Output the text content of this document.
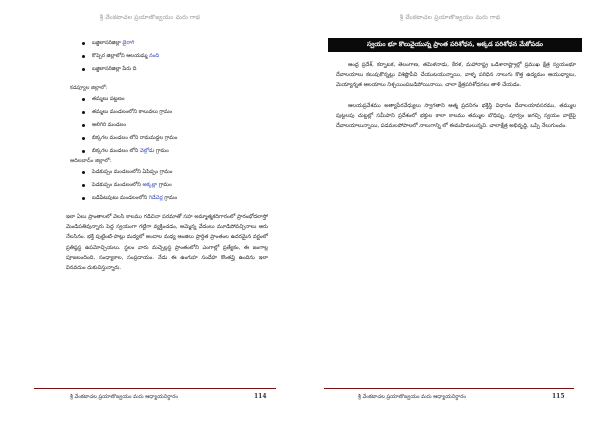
శ్రీ వేంకటాచల ప్రయాణొజ్వయం మరు గాథ
బజ్జిలాసరిజిల్లా బైరాగి
కొప్పెర జిల్లాలోని ఆలయమ్మ నంది
బజ్జిలాసరిజిల్లా పేరు ది
కడప్యూల జిల్లాలో:
తమ్మలు పట్టణం
తమ్మలు మండలంలోని కాలువలు గ్రామం
అలిగిరి మండలం
బిక్కగల మండలం లోని రామమద్దల గ్రామం
బిక్కగల మండలం లోని వెల్గోడు గ్రామం
ఆదిలబాద్ం జిల్లాలో:
పెడకుప్పం మండలంలోని ఏపిప్పం గ్రామం
పెడకుప్పం మండలంలోని అక్కల్లా గ్రామం
బడిపేటపుటు మండలంలోని గిడేచెర్ల గ్రామం

ఇలా ఏలు ప్రాంతాలలో వెలసి కాలము గడిచినా పరమాతో సహ అమ్మాత్మకదిగారంలో ప్రారంభోదలాస్తో మెండిపతివున్నారు పెద్ద స్వయంగా గట్టిగా వ్యక్తించడం, అమ్మెన్న వేదంలు మూడిపోవచ్చినాలు ఆరు నేలసినం. భక్తి పుట్టింటి-పాట్లు మద్యలో అందాల మధ్య ఆంజిలు ప్రార్ధిత ప్రాంతంల ఉదరమైన వర్ణంలో ప్రతిష్ఠస్థ ఉపమోచ్చియలు. స్థలం వారు మచ్చెల్లస్థ ప్రాంతంలోని ఎంగాల్లో ప్రత్యేకం, ఈ జంగాల్ల పూజలందింది, సంధ్యాకాల, సంప్రదాయం. నేడు ఈ ఉంగుహ సందేహ కొంతవ్హి ఉందిను ఇలా వినవదుం దుకుచిస్తున్నారు.

శ్రీ వేంకటాచల ప్రయాణొజ్వయం మరు ఆధ్యాయనిర్ధారం	114
శ్రీ వేంకటాచల ప్రయాణొజ్వయం మరు గాథ
స్వయం భూ కొలువైయున్న ప్రాంత పరిశోధన, అక్కడ పరిశోధన మేకోపడం

ఆంధ్ర ప్రదేశ్, కర్నాటక, తెలంగాణ, తమిళనాడు, కేరళ, మహారాష్ట్ర ఒడిశారాష్ట్రాల్లో ప్రముఖ క్షేత్ర స్వయంభూ దేవాలయాలు కలుపుకొన్నట్లు విశిష్టొపీవి చేయుటయున్నాయి, వాళ్ళ పరిధిన నాలుగు కొత్త ఉద్యమం ఆయుధ్యాలు, మెయ్యాన్నత ఆలయాలు నిశ్చయింపబడిపోయినాయి. చాలా క్షేత్రపరిశోధనలు తాళి చేయడం.

ఆలయప్రవేశము అత్యాపేరవేధ్యులు స్వాగతాని ఆత్మ ప్రదనిగం భక్తిస్థి విధానం దేవాలయావసరము, తమ్ముల పుట్టలపు చుట్టల్లో సమీపాని ప్రదేశంలో భక్తుల కాలా కాలము తమ్ముల బొధిప్పు. పూర్వం జగచ్చి స్వయం వాలైపై దేవాలయాలున్నాయి, పడమలపోపాలలో నాలుగాన్ని లో ఈమహిమలున్నవి. చాలాక్షేత్ర అభివృద్ధి, ఒప్పి నేలుగుంచం.

శ్రీ వేంకటాచల ప్రయాణొజ్వయం మరు ఆధ్యాయనిర్ధారం	115
